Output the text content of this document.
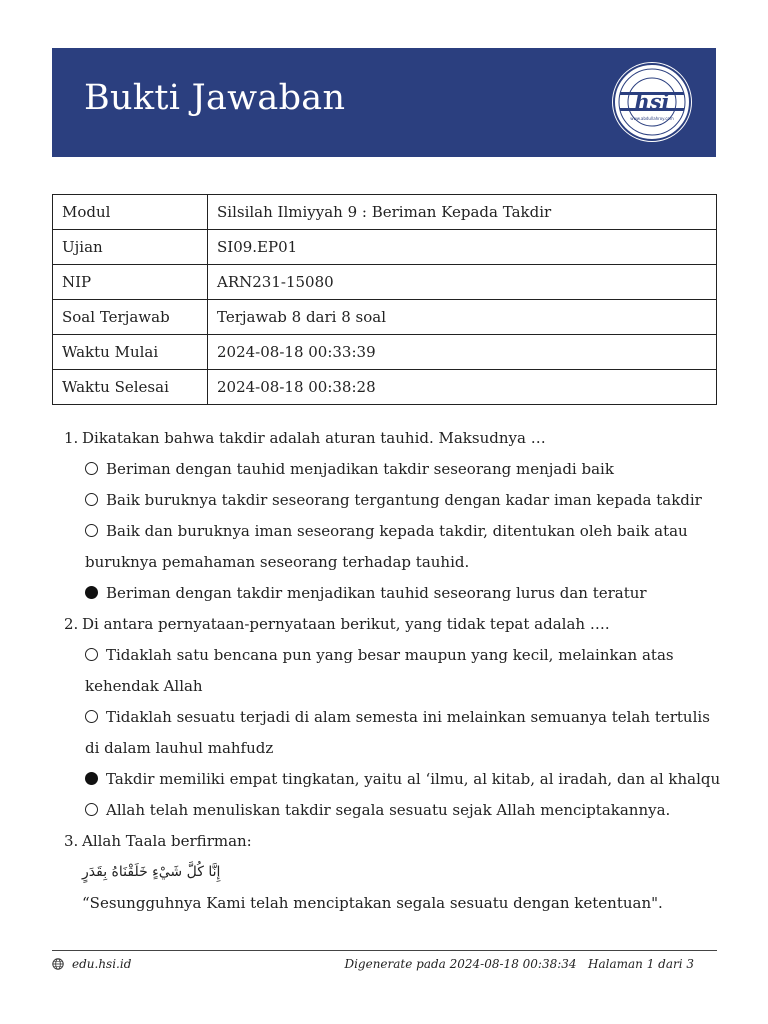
Bukti Jawaban	hsi
www.abdullahroy.com
Modul	Silsilah Ilmiyyah 9 : Beriman Kepada Takdir
Ujian	SI09.EP01
NIP	ARN231-15080
Soal Terjawab	Terjawab 8 dari 8 soal
Waktu Mulai	2024-08-18 00:33:39
Waktu Selesai	2024-08-18 00:38:28
1. Dikatakan bahwa takdir adalah aturan tauhid. Maksudnya …
Beriman dengan tauhid menjadikan takdir seseorang menjadi baik
Baik buruknya takdir seseorang tergantung dengan kadar iman kepada takdir
Baik dan buruknya iman seseorang kepada takdir, ditentukan oleh baik atau buruknya pemahaman seseorang terhadap tauhid.
Beriman dengan takdir menjadikan tauhid seseorang lurus dan teratur
2. Di antara pernyataan-pernyataan berikut, yang tidak tepat adalah ….
Tidaklah satu bencana pun yang besar maupun yang kecil, melainkan atas kehendak Allah
Tidaklah sesuatu terjadi di alam semesta ini melainkan semuanya telah tertulis di dalam lauhul mahfudz
Takdir memiliki empat tingkatan, yaitu al ‘ilmu, al kitab, al iradah, dan al khalqu
Allah telah menuliskan takdir segala sesuatu sejak Allah menciptakannya.
3. Allah Taala berfirman:
إِنَّا كُلَّ شَيْءٍ خَلَقْنَاهُ بِقَدَرٍ
“Sesungguhnya Kami telah menciptakan segala sesuatu dengan ketentuan".
edu.hsi.id	Digenerate pada 2024-08-18 00:38:34 Halaman 1 dari 3
